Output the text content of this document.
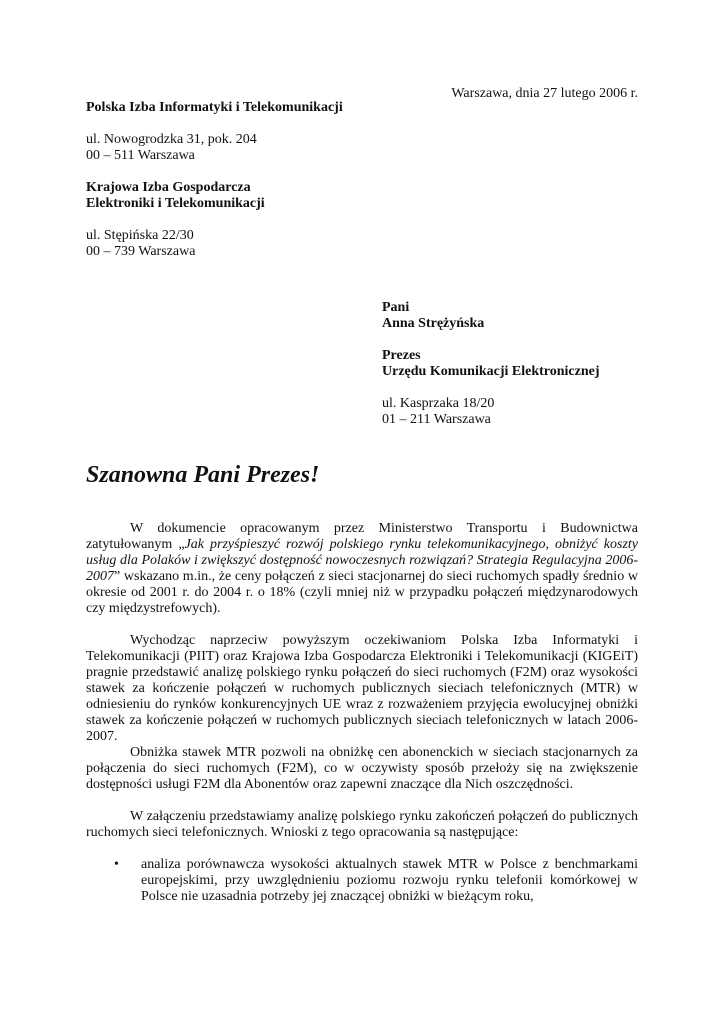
Warszawa, dnia 27 lutego 2006 r.
Polska Izba Informatyki i Telekomunikacji
ul. Nowogrodzka 31, pok. 204
00 – 511 Warszawa
Krajowa Izba Gospodarcza
Elektroniki i Telekomunikacji
ul. Stępińska 22/30
00 – 739 Warszawa
Pani
Anna Strężyńska
Prezes
Urzędu Komunikacji Elektronicznej
ul. Kasprzaka 18/20
01 – 211 Warszawa
Szanowna Pani Prezes!

W dokumencie opracowanym przez Ministerstwo Transportu i Budownictwa zatytułowanym „Jak przyśpieszyć rozwój polskiego rynku telekomunikacyjnego, obniżyć koszty usług dla Polaków i zwiększyć dostępność nowoczesnych rozwiązań? Strategia Regulacyjna 2006-2007” wskazano m.in., że ceny połączeń z sieci stacjonarnej do sieci ruchomych spadły średnio w okresie od 2001 r. do 2004 r. o 18% (czyli mniej niż w przypadku połączeń międzynarodowych czy międzystrefowych).

Wychodząc naprzeciw powyższym oczekiwaniom Polska Izba Informatyki i Telekomunikacji (PIIT) oraz Krajowa Izba Gospodarcza Elektroniki i Telekomunikacji (KIGEiT) pragnie przedstawić analizę polskiego rynku połączeń do sieci ruchomych (F2M) oraz wysokości stawek za kończenie połączeń w ruchomych publicznych sieciach telefonicznych (MTR) w odniesieniu do rynków konkurencyjnych UE wraz z rozważeniem przyjęcia ewolucyjnej obniżki stawek za kończenie połączeń w ruchomych publicznych sieciach telefonicznych w latach 2006-2007.

Obniżka stawek MTR pozwoli na obniżkę cen abonenckich w sieciach stacjonarnych za połączenia do sieci ruchomych (F2M), co w oczywisty sposób przełoży się na zwiększenie dostępności usługi F2M dla Abonentów oraz zapewni znaczące dla Nich oszczędności.

W załączeniu przedstawiamy analizę polskiego rynku zakończeń połączeń do publicznych ruchomych sieci telefonicznych. Wnioski z tego opracowania są następujące:

• analiza porównawcza wysokości aktualnych stawek MTR w Polsce z benchmarkami europejskimi, przy uwzględnieniu poziomu rozwoju rynku telefonii komórkowej w Polsce nie uzasadnia potrzeby jej znaczącej obniżki w bieżącym roku,
